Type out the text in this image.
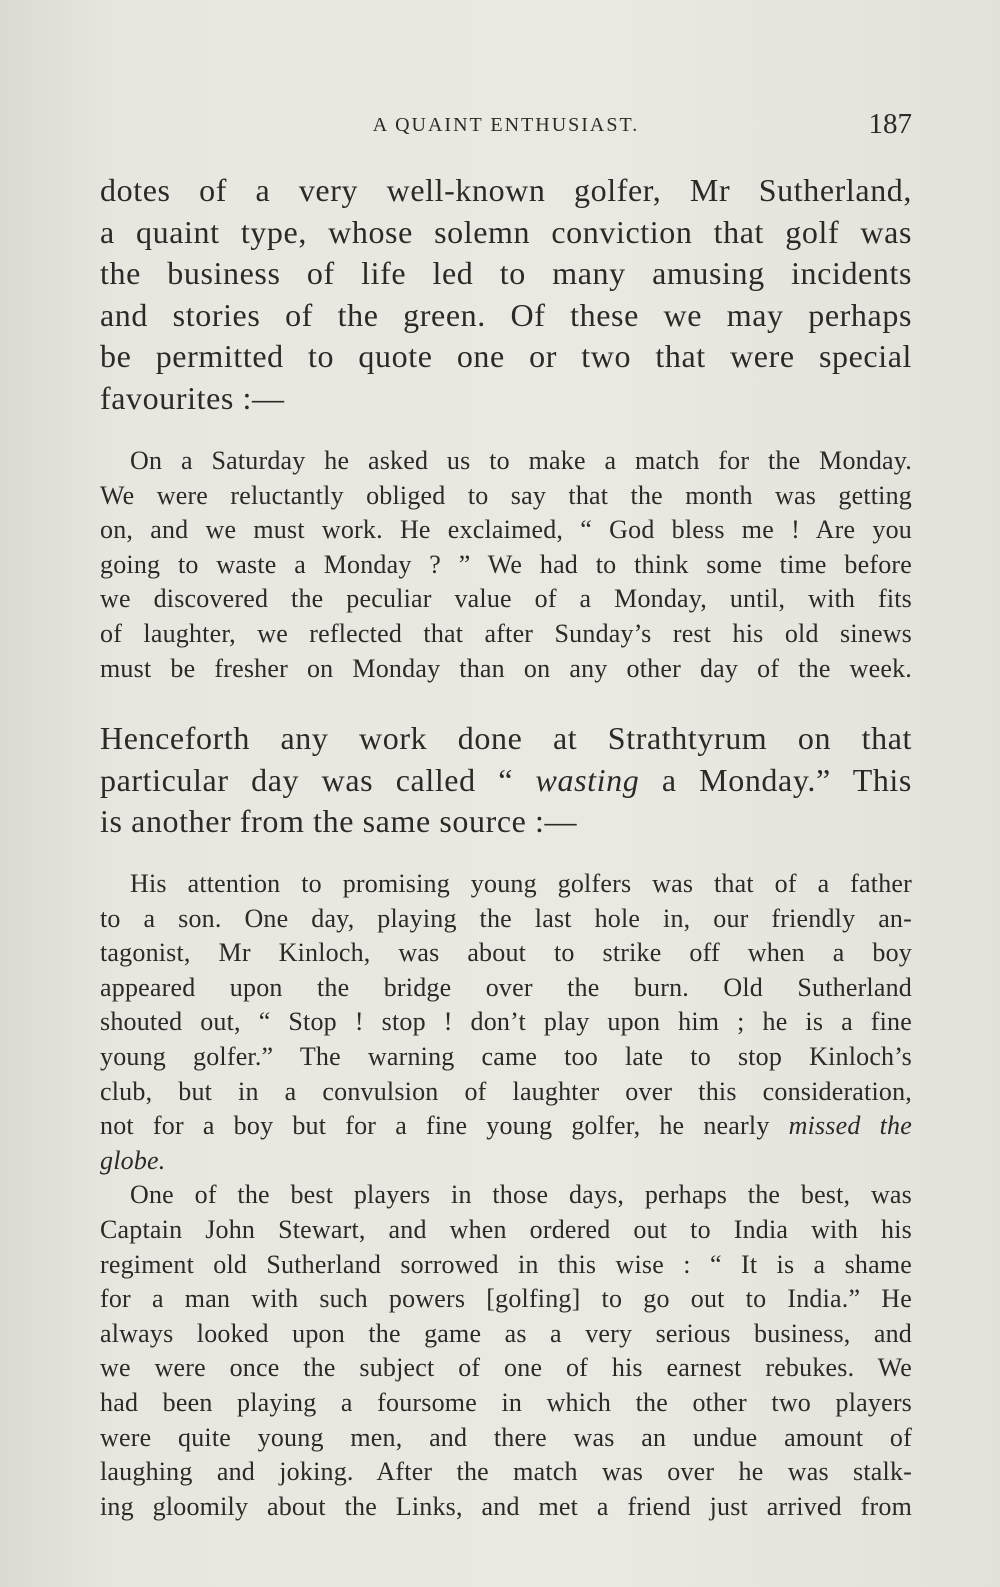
A QUAINT ENTHUSIAST.	187
dotes of a very well-known golfer, Mr Sutherland,
a quaint type, whose solemn conviction that golf was
the business of life led to many amusing incidents
and stories of the green. Of these we may perhaps
be permitted to quote one or two that were special
favourites :—
On a Saturday he asked us to make a match for the Monday.
We were reluctantly obliged to say that the month was getting
on, and we must work. He exclaimed, “ God bless me ! Are you
going to waste a Monday ? ” We had to think some time before
we discovered the peculiar value of a Monday, until, with fits
of laughter, we reflected that after Sunday’s rest his old sinews
must be fresher on Monday than on any other day of the week.
Henceforth any work done at Strathtyrum on that
particular day was called “ wasting a Monday.” This
is another from the same source :—
His attention to promising young golfers was that of a father
to a son. One day, playing the last hole in, our friendly an-
tagonist, Mr Kinloch, was about to strike off when a boy
appeared upon the bridge over the burn. Old Sutherland
shouted out, “ Stop ! stop ! don’t play upon him ; he is a fine
young golfer.” The warning came too late to stop Kinloch’s
club, but in a convulsion of laughter over this consideration,
not for a boy but for a fine young golfer, he nearly missed the
globe.
One of the best players in those days, perhaps the best, was
Captain John Stewart, and when ordered out to India with his
regiment old Sutherland sorrowed in this wise : “ It is a shame
for a man with such powers [golfing] to go out to India.” He
always looked upon the game as a very serious business, and
we were once the subject of one of his earnest rebukes. We
had been playing a foursome in which the other two players
were quite young men, and there was an undue amount of
laughing and joking. After the match was over he was stalk-
ing gloomily about the Links, and met a friend just arrived from
